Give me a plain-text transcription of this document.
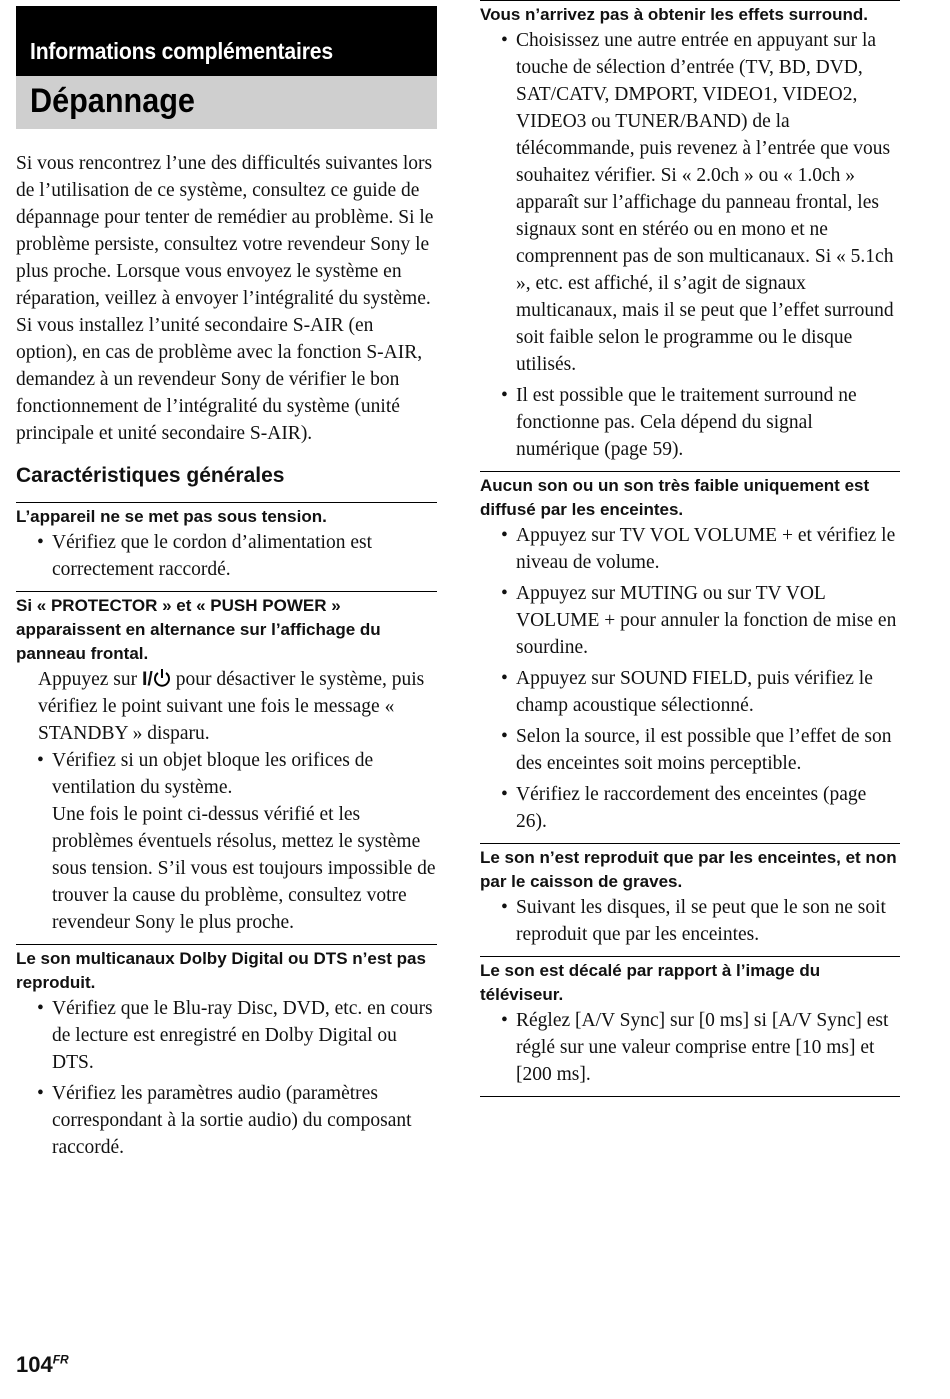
Informations complémentaires
Dépannage

Si vous rencontrez l’une des difficultés suivantes lors de l’utilisation de ce système, consultez ce guide de dépannage pour tenter de remédier au problème. Si le problème persiste, consultez votre revendeur Sony le plus proche. Lorsque vous envoyez le système en réparation, veillez à envoyer l’intégralité du système.

Si vous installez l’unité secondaire S-AIR (en option), en cas de problème avec la fonction S-AIR, demandez à un revendeur Sony de vérifier le bon fonctionnement de l’intégralité du système (unité principale et unité secondaire S-AIR).

Caractéristiques générales

L’appareil ne se met pas sous tension.

• Vérifiez que le cordon d’alimentation est correctement raccordé.

Si « PROTECTOR » et « PUSH POWER » apparaissent en alternance sur l’affichage du panneau frontal.

Appuyez sur I/ pour désactiver le système, puis vérifiez le point suivant une fois le message « STANDBY » disparu.

• Vérifiez si un objet bloque les orifices de ventilation du système.

Une fois le point ci-dessus vérifié et les problèmes éventuels résolus, mettez le système sous tension. S’il vous est toujours impossible de trouver la cause du problème, consultez votre revendeur Sony le plus proche.

Le son multicanaux Dolby Digital ou DTS n’est pas reproduit.

• Vérifiez que le Blu-ray Disc, DVD, etc. en cours de lecture est enregistré en Dolby Digital ou DTS.
• Vérifiez les paramètres audio (paramètres correspondant à la sortie audio) du composant raccordé.

Vous n’arrivez pas à obtenir les effets surround.

• Choisissez une autre entrée en appuyant sur la touche de sélection d’entrée (TV, BD, DVD, SAT/CATV, DMPORT, VIDEO1, VIDEO2, VIDEO3 ou TUNER/BAND) de la télécommande, puis revenez à l’entrée que vous souhaitez vérifier. Si « 2.0ch » ou « 1.0ch » apparaît sur l’affichage du panneau frontal, les signaux sont en stéréo ou en mono et ne comprennent pas de son multicanaux. Si « 5.1ch », etc. est affiché, il s’agit de signaux multicanaux, mais il se peut que l’effet surround soit faible selon le programme ou le disque utilisés.
• Il est possible que le traitement surround ne fonctionne pas. Cela dépend du signal numérique (page 59).

Aucun son ou un son très faible uniquement est diffusé par les enceintes.

• Appuyez sur TV VOL VOLUME + et vérifiez le niveau de volume.
• Appuyez sur MUTING ou sur TV VOL VOLUME + pour annuler la fonction de mise en sourdine.
• Appuyez sur SOUND FIELD, puis vérifiez le champ acoustique sélectionné.
• Selon la source, il est possible que l’effet de son des enceintes soit moins perceptible.
• Vérifiez le raccordement des enceintes (page 26).

Le son n’est reproduit que par les enceintes, et non par le caisson de graves.

• Suivant les disques, il se peut que le son ne soit reproduit que par les enceintes.

Le son est décalé par rapport à l’image du téléviseur.

• Réglez [A/V Sync] sur [0 ms] si [A/V Sync] est réglé sur une valeur comprise entre [10 ms] et [200 ms].
$104^{FR}$
